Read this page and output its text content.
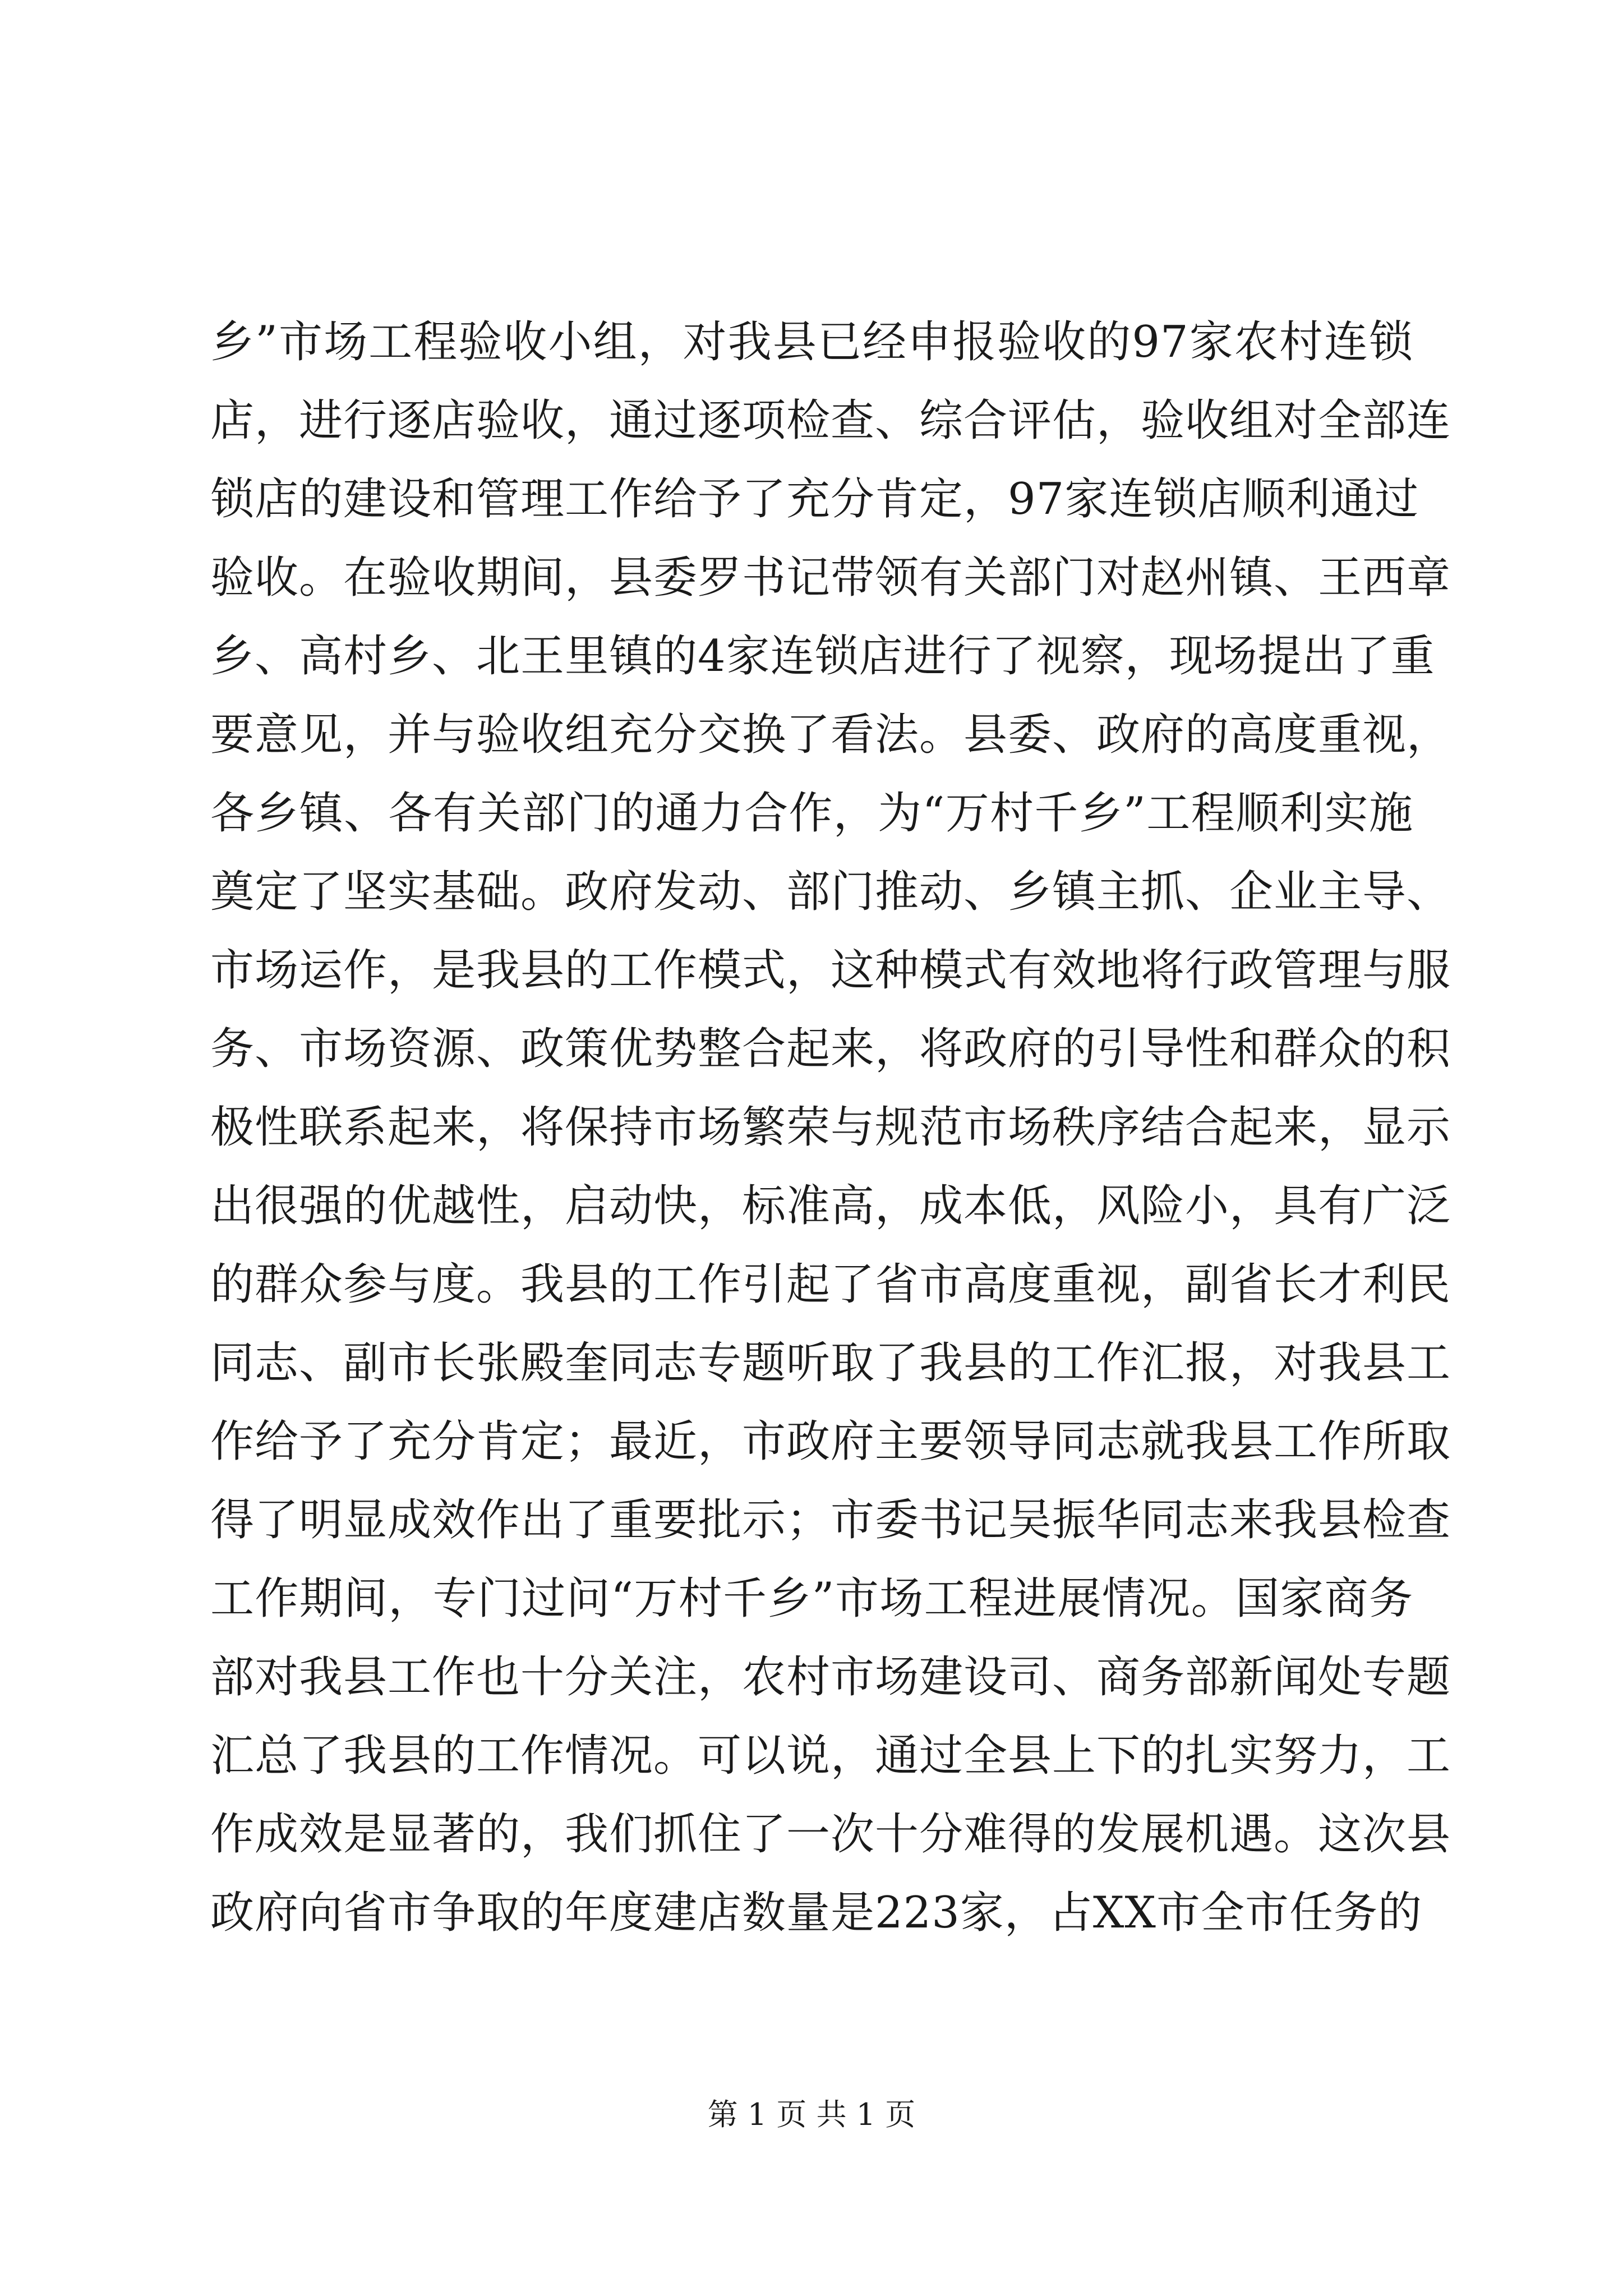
乡”市场工程验收小组，对我县已经申报验收的97家农村连锁
店，进行逐店验收，通过逐项检查、综合评估，验收组对全部连
锁店的建设和管理工作给予了充分肯定，97家连锁店顺利通过
验收。在验收期间，县委罗书记带领有关部门对赵州镇、王西章
乡、高村乡、北王里镇的4家连锁店进行了视察，现场提出了重
要意见，并与验收组充分交换了看法。县委、政府的高度重视，
各乡镇、各有关部门的通力合作，为“万村千乡”工程顺利实施
奠定了坚实基础。政府发动、部门推动、乡镇主抓、企业主导、
市场运作，是我县的工作模式，这种模式有效地将行政管理与服
务、市场资源、政策优势整合起来，将政府的引导性和群众的积
极性联系起来，将保持市场繁荣与规范市场秩序结合起来，显示
出很强的优越性，启动快，标准高，成本低，风险小，具有广泛
的群众参与度。我县的工作引起了省市高度重视，副省长才利民
同志、副市长张殿奎同志专题听取了我县的工作汇报，对我县工
作给予了充分肯定；最近，市政府主要领导同志就我县工作所取
得了明显成效作出了重要批示；市委书记吴振华同志来我县检查
工作期间，专门过问“万村千乡”市场工程进展情况。国家商务
部对我县工作也十分关注，农村市场建设司、商务部新闻处专题
汇总了我县的工作情况。可以说，通过全县上下的扎实努力，工
作成效是显著的，我们抓住了一次十分难得的发展机遇。这次县
政府向省市争取的年度建店数量是223家，占XX市全市任务的
第 1 页 共 1 页
